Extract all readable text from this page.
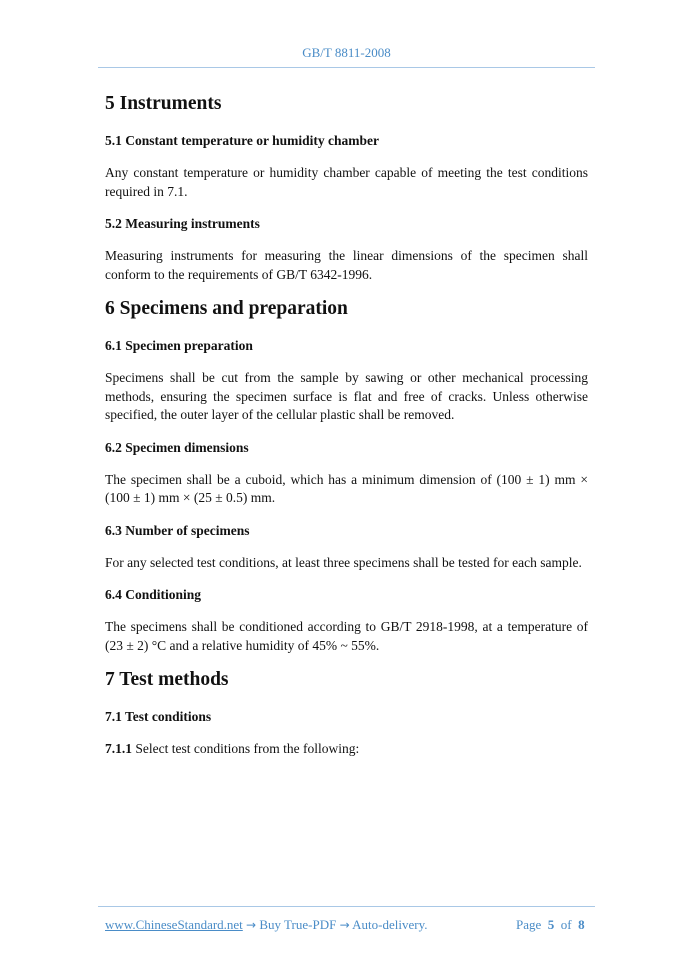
GB/T 8811-2008
5 Instruments
5.1 Constant temperature or humidity chamber

Any constant temperature or humidity chamber capable of meeting the test conditions required in 7.1.

5.2 Measuring instruments

Measuring instruments for measuring the linear dimensions of the specimen shall conform to the requirements of GB/T 6342-1996.

6 Specimens and preparation
6.1 Specimen preparation

Specimens shall be cut from the sample by sawing or other mechanical processing methods, ensuring the specimen surface is flat and free of cracks. Unless otherwise specified, the outer layer of the cellular plastic shall be removed.

6.2 Specimen dimensions

The specimen shall be a cuboid, which has a minimum dimension of (100 ± 1) mm × (100 ± 1) mm × (25 ± 0.5) mm.

6.3 Number of specimens

For any selected test conditions, at least three specimens shall be tested for each sample.

6.4 Conditioning

The specimens shall be conditioned according to GB/T 2918-1998, at a temperature of (23 ± 2) °C and a relative humidity of 45% ~ 55%.

7 Test methods
7.1 Test conditions

7.1.1 Select test conditions from the following:

www.ChineseStandard.net → Buy True-PDF → Auto-delivery.	Page 5 of 8
